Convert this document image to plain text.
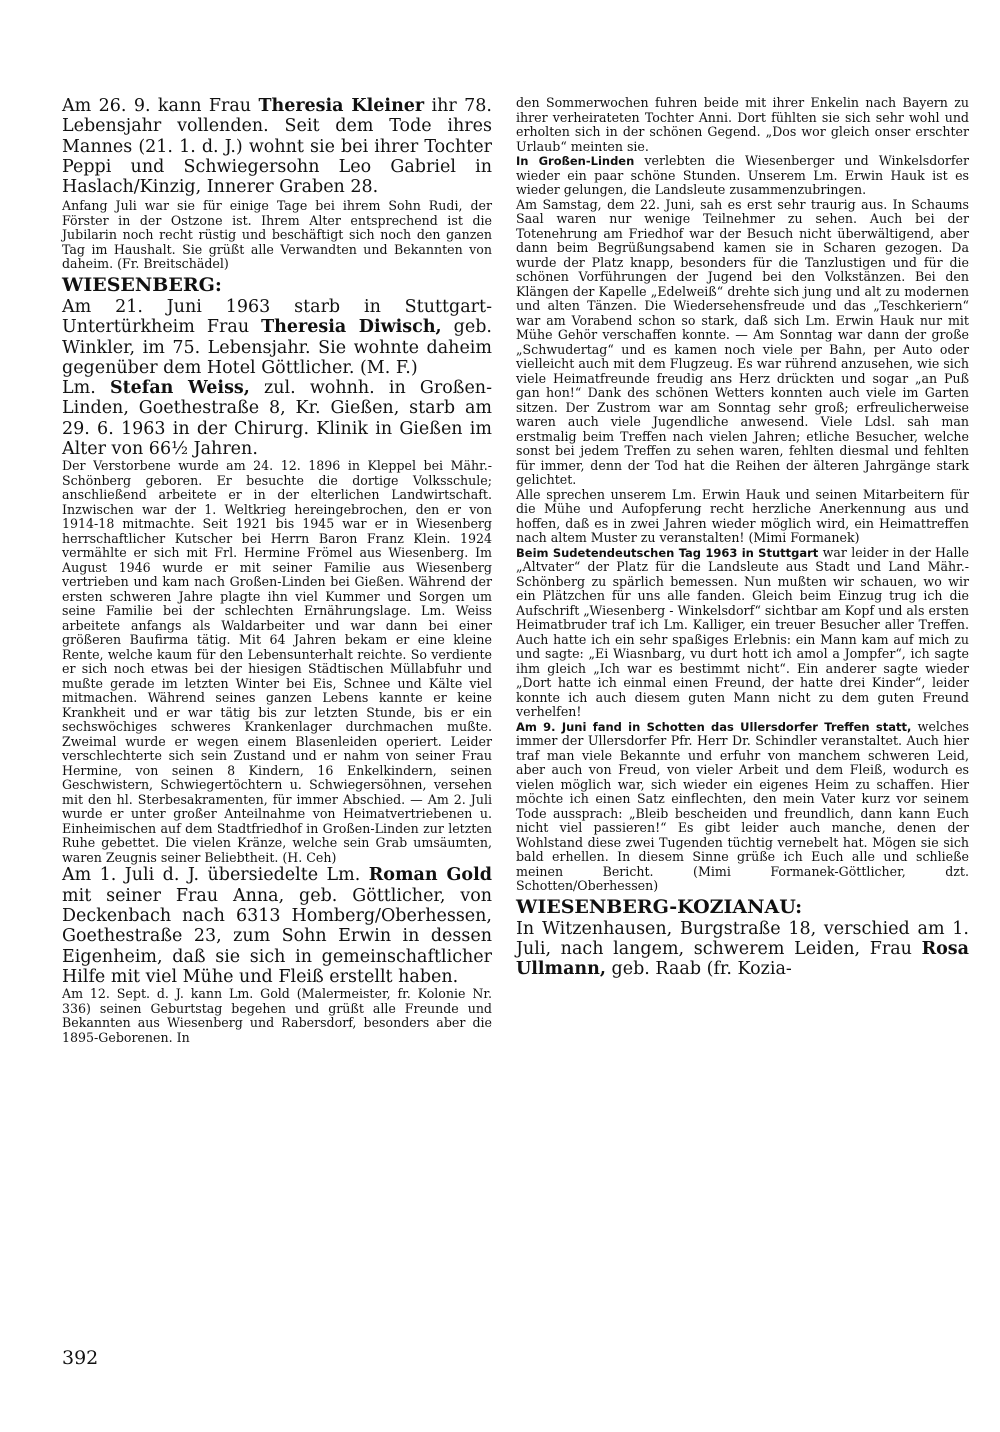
Am 26. 9. kann Frau Theresia Kleiner ihr 78. Lebensjahr vollenden. Seit dem Tode ihres Mannes (21. 1. d. J.) wohnt sie bei ihrer Tochter Peppi und Schwiegersohn Leo Gabriel in Haslach/Kinzig, Innerer Graben 28.

Anfang Juli war sie für einige Tage bei ihrem Sohn Rudi, der Förster in der Ostzone ist. Ihrem Alter entsprechend ist die Jubilarin noch recht rüstig und beschäftigt sich noch den ganzen Tag im Haushalt. Sie grüßt alle Verwandten und Bekannten von daheim. (Fr. Breitschädel)

WIESENBERG:

Am 21. Juni 1963 starb in Stuttgart-Untertürkheim Frau Theresia Diwisch, geb. Winkler, im 75. Lebensjahr. Sie wohnte daheim gegenüber dem Hotel Göttlicher. (M. F.)

Lm. Stefan Weiss, zul. wohnh. in Großen-Linden, Goethestraße 8, Kr. Gießen, starb am 29. 6. 1963 in der Chirurg. Klinik in Gießen im Alter von 66½ Jahren.

Der Verstorbene wurde am 24. 12. 1896 in Kleppel bei Mähr.-Schönberg geboren. Er besuchte die dortige Volksschule; anschließend arbeitete er in der elterlichen Landwirtschaft. Inzwischen war der 1. Weltkrieg hereingebrochen, den er von 1914-18 mitmachte. Seit 1921 bis 1945 war er in Wiesenberg herrschaftlicher Kutscher bei Herrn Baron Franz Klein. 1924 vermählte er sich mit Frl. Hermine Frömel aus Wiesenberg. Im August 1946 wurde er mit seiner Familie aus Wiesenberg vertrieben und kam nach Großen-Linden bei Gießen. Während der ersten schweren Jahre plagte ihn viel Kummer und Sorgen um seine Familie bei der schlechten Ernährungslage. Lm. Weiss arbeitete anfangs als Waldarbeiter und war dann bei einer größeren Baufirma tätig. Mit 64 Jahren bekam er eine kleine Rente, welche kaum für den Lebensunterhalt reichte. So verdiente er sich noch etwas bei der hiesigen Städtischen Müllabfuhr und mußte gerade im letzten Winter bei Eis, Schnee und Kälte viel mitmachen. Während seines ganzen Lebens kannte er keine Krankheit und er war tätig bis zur letzten Stunde, bis er ein sechswöchiges schweres Krankenlager durchmachen mußte. Zweimal wurde er wegen einem Blasenleiden operiert. Leider verschlechterte sich sein Zustand und er nahm von seiner Frau Hermine, von seinen 8 Kindern, 16 Enkelkindern, seinen Geschwistern, Schwiegertöchtern u. Schwiegersöhnen, versehen mit den hl. Sterbesakramenten, für immer Abschied. — Am 2. Juli wurde er unter großer Anteilnahme von Heimatvertriebenen u. Einheimischen auf dem Stadtfriedhof in Großen-Linden zur letzten Ruhe gebettet. Die vielen Kränze, welche sein Grab umsäumten, waren Zeugnis seiner Beliebtheit. (H. Ceh)

Am 1. Juli d. J. übersiedelte Lm. Roman Gold mit seiner Frau Anna, geb. Göttlicher, von Deckenbach nach 6313 Homberg/Oberhessen, Goethestraße 23, zum Sohn Erwin in dessen Eigenheim, daß sie sich in gemeinschaftlicher Hilfe mit viel Mühe und Fleiß erstellt haben.

Am 12. Sept. d. J. kann Lm. Gold (Malermeister, fr. Kolonie Nr. 336) seinen Geburtstag begehen und grüßt alle Freunde und Bekannten aus Wiesenberg und Rabersdorf, besonders aber die 1895-Geborenen. In

den Sommerwochen fuhren beide mit ihrer Enkelin nach Bayern zu ihrer verheirateten Tochter Anni. Dort fühlten sie sich sehr wohl und erholten sich in der schönen Gegend. „Dos wor gleich onser erschter Urlaub“ meinten sie.

In Großen-Linden verlebten die Wiesenberger und Winkelsdorfer wieder ein paar schöne Stunden. Unserem Lm. Erwin Hauk ist es wieder gelungen, die Landsleute zusammenzubringen.

Am Samstag, dem 22. Juni, sah es erst sehr traurig aus. In Schaums Saal waren nur wenige Teilnehmer zu sehen. Auch bei der Totenehrung am Friedhof war der Besuch nicht überwältigend, aber dann beim Begrüßungsabend kamen sie in Scharen gezogen. Da wurde der Platz knapp, besonders für die Tanzlustigen und für die schönen Vorführungen der Jugend bei den Volkstänzen. Bei den Klängen der Kapelle „Edelweiß“ drehte sich jung und alt zu modernen und alten Tänzen. Die Wiedersehensfreude und das „Teschkeriern“ war am Vorabend schon so stark, daß sich Lm. Erwin Hauk nur mit Mühe Gehör verschaffen konnte. — Am Sonntag war dann der große „Schwudertag“ und es kamen noch viele per Bahn, per Auto oder vielleicht auch mit dem Flugzeug. Es war rührend anzusehen, wie sich viele Heimatfreunde freudig ans Herz drückten und sogar „an Puß gan hon!“ Dank des schönen Wetters konnten auch viele im Garten sitzen. Der Zustrom war am Sonntag sehr groß; erfreulicherweise waren auch viele Jugendliche anwesend. Viele Ldsl. sah man erstmalig beim Treffen nach vielen Jahren; etliche Besucher, welche sonst bei jedem Treffen zu sehen waren, fehlten diesmal und fehlten für immer, denn der Tod hat die Reihen der älteren Jahrgänge stark gelichtet.

Alle sprechen unserem Lm. Erwin Hauk und seinen Mitarbeitern für die Mühe und Aufopferung recht herzliche Anerkennung aus und hoffen, daß es in zwei Jahren wieder möglich wird, ein Heimattreffen nach altem Muster zu veranstalten! (Mimi Formanek)

Beim Sudetendeutschen Tag 1963 in Stuttgart war leider in der Halle „Altvater“ der Platz für die Landsleute aus Stadt und Land Mähr.-Schönberg zu spärlich bemessen. Nun mußten wir schauen, wo wir ein Plätzchen für uns alle fanden. Gleich beim Einzug trug ich die Aufschrift „Wiesenberg - Winkelsdorf“ sichtbar am Kopf und als ersten Heimatbruder traf ich Lm. Kalliger, ein treuer Besucher aller Treffen. Auch hatte ich ein sehr spaßiges Erlebnis: ein Mann kam auf mich zu und sagte: „Ei Wiasnbarg, vu durt hott ich amol a Jompfer“, ich sagte ihm gleich „Ich war es bestimmt nicht“. Ein anderer sagte wieder „Dort hatte ich einmal einen Freund, der hatte drei Kinder“, leider konnte ich auch diesem guten Mann nicht zu dem guten Freund verhelfen!

Am 9. Juni fand in Schotten das Ullersdorfer Treffen statt, welches immer der Ullersdorfer Pfr. Herr Dr. Schindler veranstaltet. Auch hier traf man viele Bekannte und erfuhr von manchem schweren Leid, aber auch von Freud, von vieler Arbeit und dem Fleiß, wodurch es vielen möglich war, sich wieder ein eigenes Heim zu schaffen. Hier möchte ich einen Satz einflechten, den mein Vater kurz vor seinem Tode aussprach: „Bleib bescheiden und freundlich, dann kann Euch nicht viel passieren!“ Es gibt leider auch manche, denen der Wohlstand diese zwei Tugenden tüchtig vernebelt hat. Mögen sie sich bald erhellen. In diesem Sinne grüße ich Euch alle und schließe meinen Bericht. (Mimi Formanek-Göttlicher, dzt. Schotten/Oberhessen)

WIESENBERG-KOZIANAU:

In Witzenhausen, Burgstraße 18, verschied am 1. Juli, nach langem, schwerem Leiden, Frau Rosa Ullmann, geb. Raab (fr. Kozia-

392
